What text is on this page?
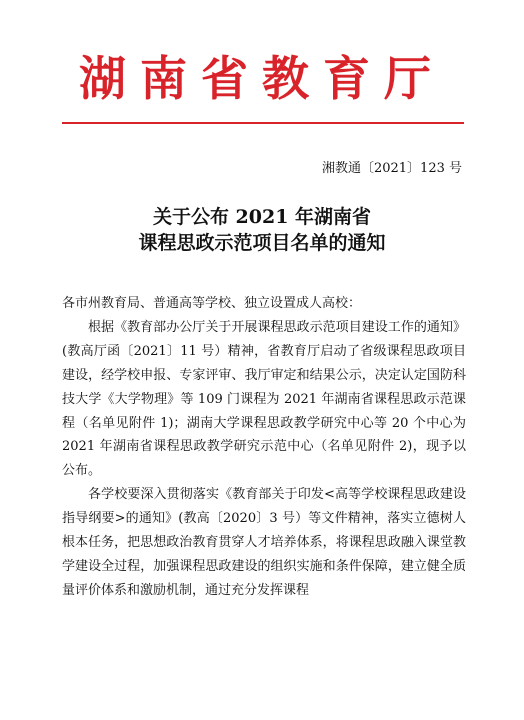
湖南省教育厅
湘教通〔2021〕123 号
关于公布 2021 年湖南省
课程思政示范项目名单的通知

各市州教育局、普通高等学校、独立设置成人高校：

根据《教育部办公厅关于开展课程思政示范项目建设工作的通知》(教高厅函〔2021〕11 号）精神，省教育厅启动了省级课程思政项目建设，经学校申报、专家评审、我厅审定和结果公示，决定认定国防科技大学《大学物理》等 109 门课程为 2021 年湖南省课程思政示范课程（名单见附件 1)；湖南大学课程思政教学研究中心等 20 个中心为 2021 年湖南省课程思政教学研究示范中心（名单见附件 2)，现予以公布。

各学校要深入贯彻落实《教育部关于印发<高等学校课程思政建设指导纲要>的通知》(教高〔2020〕3 号）等文件精神，落实立德树人根本任务，把思想政治教育贯穿人才培养体系，将课程思政融入课堂教学建设全过程，加强课程思政建设的组织实施和条件保障，建立健全质量评价体系和激励机制，通过充分发挥课程
